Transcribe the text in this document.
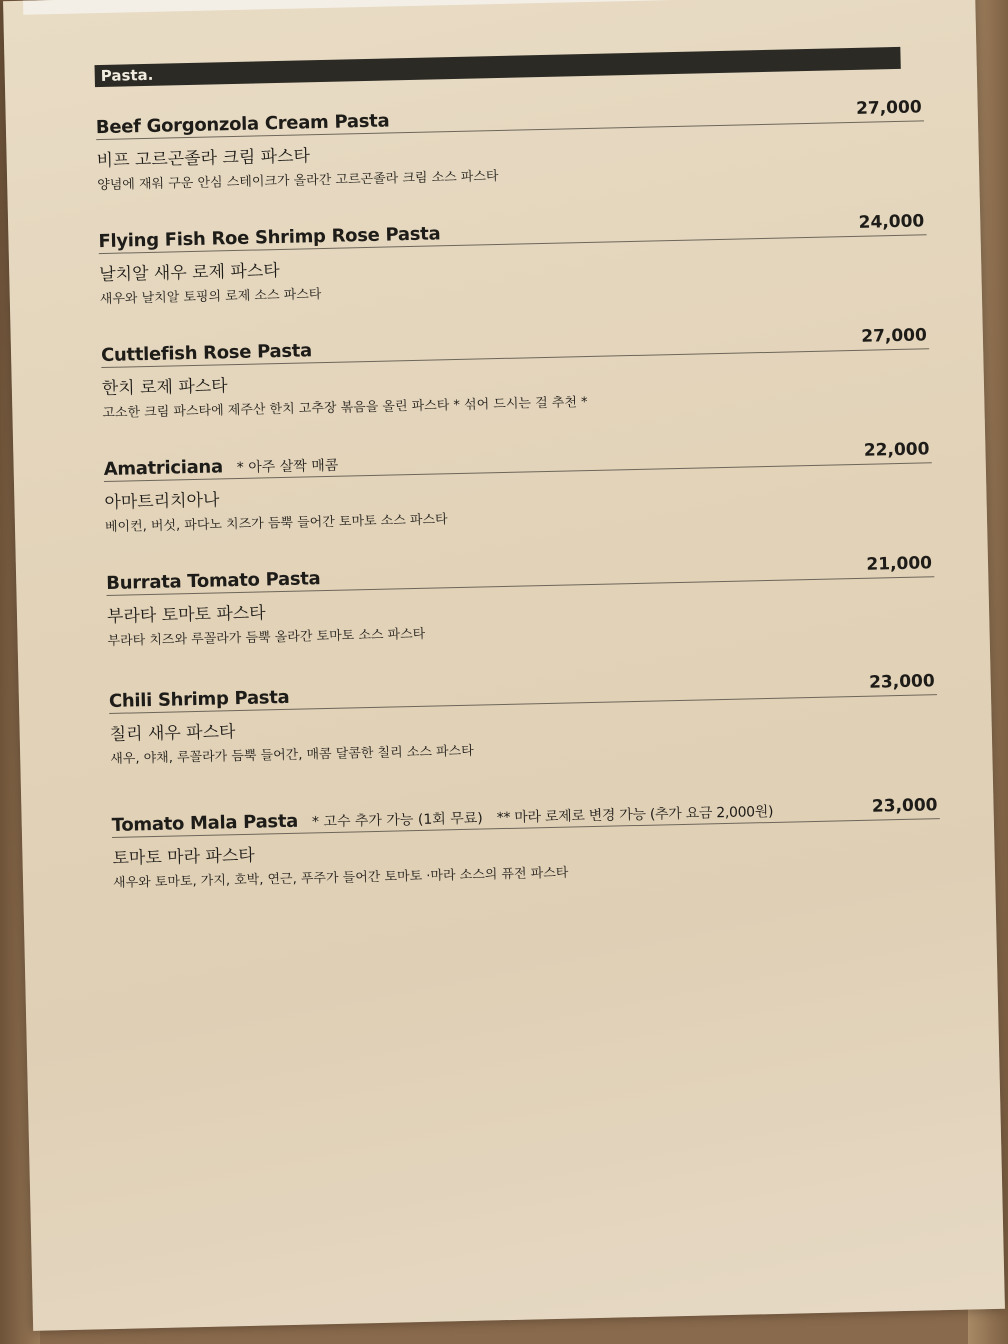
Pasta.
Beef Gorgonzola Cream Pasta
27,000
비프 고르곤졸라 크림 파스타
양념에 재워 구운 안심 스테이크가 올라간 고르곤졸라 크림 소스 파스타
Flying Fish Roe Shrimp Rose Pasta
24,000
날치알 새우 로제 파스타
새우와 날치알 토핑의 로제 소스 파스타
Cuttlefish Rose Pasta
27,000
한치 로제 파스타
고소한 크림 파스타에 제주산 한치 고추장 볶음을 올린 파스타 * 섞어 드시는 걸 추천 *
Amatriciana * 아주 살짝 매콤
22,000
아마트리치아나
베이컨, 버섯, 파다노 치즈가 듬뿍 들어간 토마토 소스 파스타
Burrata Tomato Pasta
21,000
부라타 토마토 파스타
부라타 치즈와 루꼴라가 듬뿍 올라간 토마토 소스 파스타
Chili Shrimp Pasta
23,000
칠리 새우 파스타
새우, 야채, 루꼴라가 듬뿍 들어간, 매콤 달콤한 칠리 소스 파스타
Tomato Mala Pasta * 고수 추가 가능 (1회 무료) ** 마라 로제로 변경 가능 (추가 요금 2,000원)	23,000
토마토 마라 파스타
새우와 토마토, 가지, 호박, 연근, 푸주가 들어간 토마토 ·마라 소스의 퓨전 파스타
